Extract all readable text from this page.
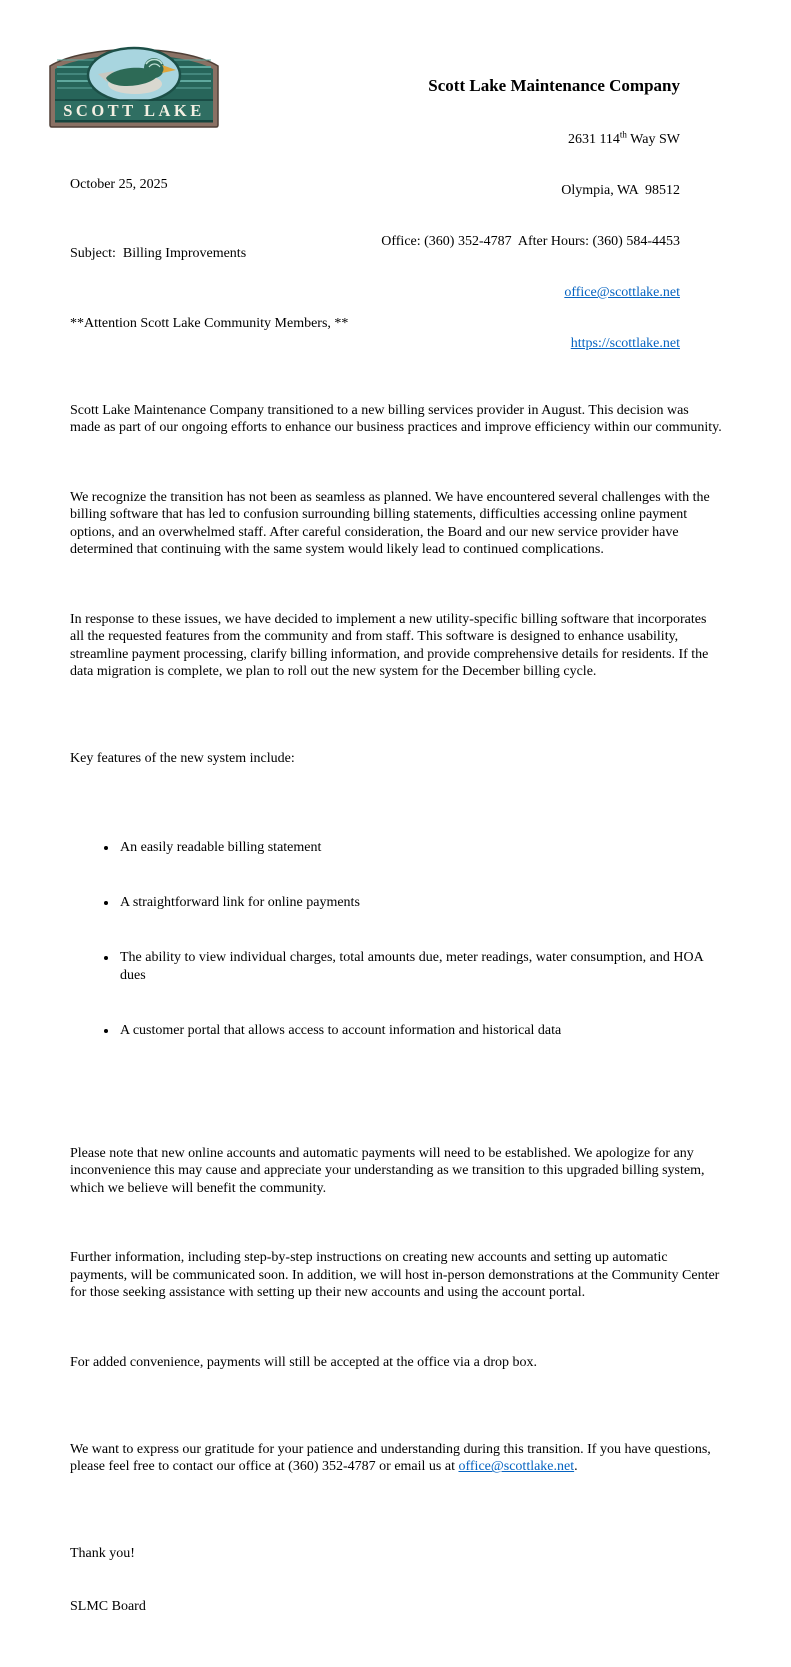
SCOTT LAKE

Scott Lake Maintenance Company

2631 114th Way SW

Olympia, WA  98512

Office: (360) 352-4787  After Hours: (360) 584-4453

office@scottlake.net

https://scottlake.net

October 25, 2025

Subject:  Billing Improvements

**Attention Scott Lake Community Members, **

Scott Lake Maintenance Company transitioned to a new billing services provider in August. This decision was made as part of our ongoing efforts to enhance our business practices and improve efficiency within our community.

We recognize the transition has not been as seamless as planned. We have encountered several challenges with the billing software that has led to confusion surrounding billing statements, difficulties accessing online payment options, and an overwhelmed staff. After careful consideration, the Board and our new service provider have determined that continuing with the same system would likely lead to continued complications.

In response to these issues, we have decided to implement a new utility-specific billing software that incorporates all the requested features from the community and from staff. This software is designed to enhance usability, streamline payment processing, clarify billing information, and provide comprehensive details for residents. If the data migration is complete, we plan to roll out the new system for the December billing cycle.

Key features of the new system include:

• An easily readable billing statement

• A straightforward link for online payments

• The ability to view individual charges, total amounts due, meter readings, water consumption, and HOA dues

• A customer portal that allows access to account information and historical data

Please note that new online accounts and automatic payments will need to be established. We apologize for any inconvenience this may cause and appreciate your understanding as we transition to this upgraded billing system, which we believe will benefit the community.

Further information, including step-by-step instructions on creating new accounts and setting up automatic payments, will be communicated soon. In addition, we will host in-person demonstrations at the Community Center for those seeking assistance with setting up their new accounts and using the account portal.

For added convenience, payments will still be accepted at the office via a drop box.

We want to express our gratitude for your patience and understanding during this transition. If you have questions, please feel free to contact our office at (360) 352-4787 or email us at office@scottlake.net.

Thank you!

SLMC Board
